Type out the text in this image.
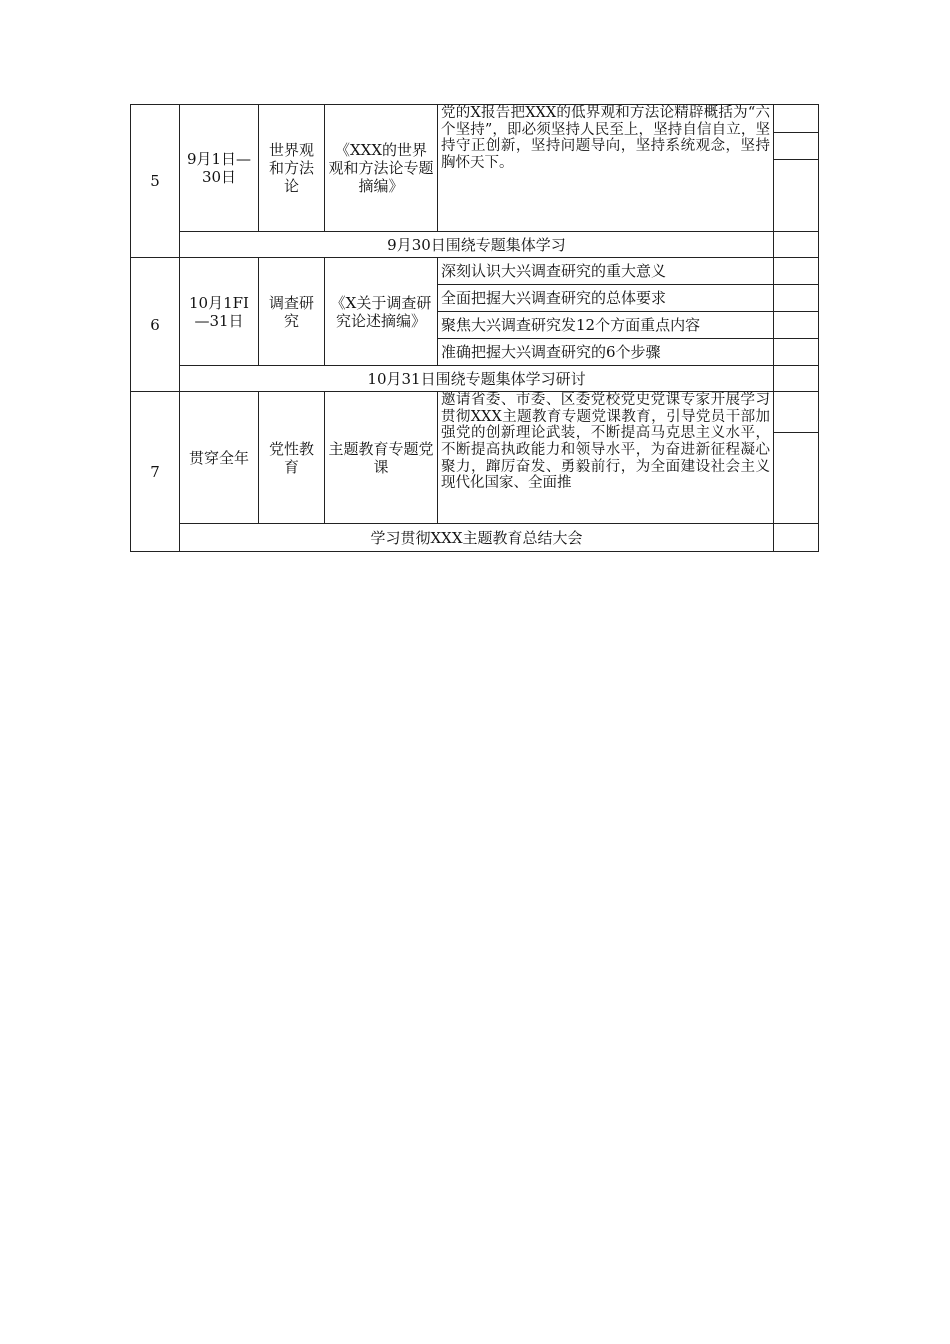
5	9月1日—30日	世界观和方法论	《XXX的世界观和方法论专题摘编》	党的X报告把XXX的低界观和方法论精辟概括为“六个坚持”，即必须坚持人民至上，坚持自信自立，坚持守正创新，坚持问题导向，坚持系统观念，坚持胸怀天下。	

	9月30日围绕专题集体学习				
6	10月1FI—31日	调查研究	《X关于调查研究论述摘编》	深刻认识大兴调查研究的重大意义	
				全面把握大兴调查研究的总体要求	
				聚焦大兴调查研究发12个方面重点内容	
				准确把握大兴调查研究的6个步骤	
	10月31日围绕专题集体学习研讨				
7	贯穿全年	党性教育	主题教育专题党课	邀请省委、市委、区委党校党史党课专家开展学习贯彻XXX主题教育专题党课教育，引导党员干部加强党的创新理论武装，不断提高马克思主义水平，不断提高执政能力和领导水平，为奋进新征程凝心聚力，蹿厉奋发、勇毅前行，为全面建设社会主义现代化国家、全面推	

	学习贯彻XXX主题教育总结大会				
